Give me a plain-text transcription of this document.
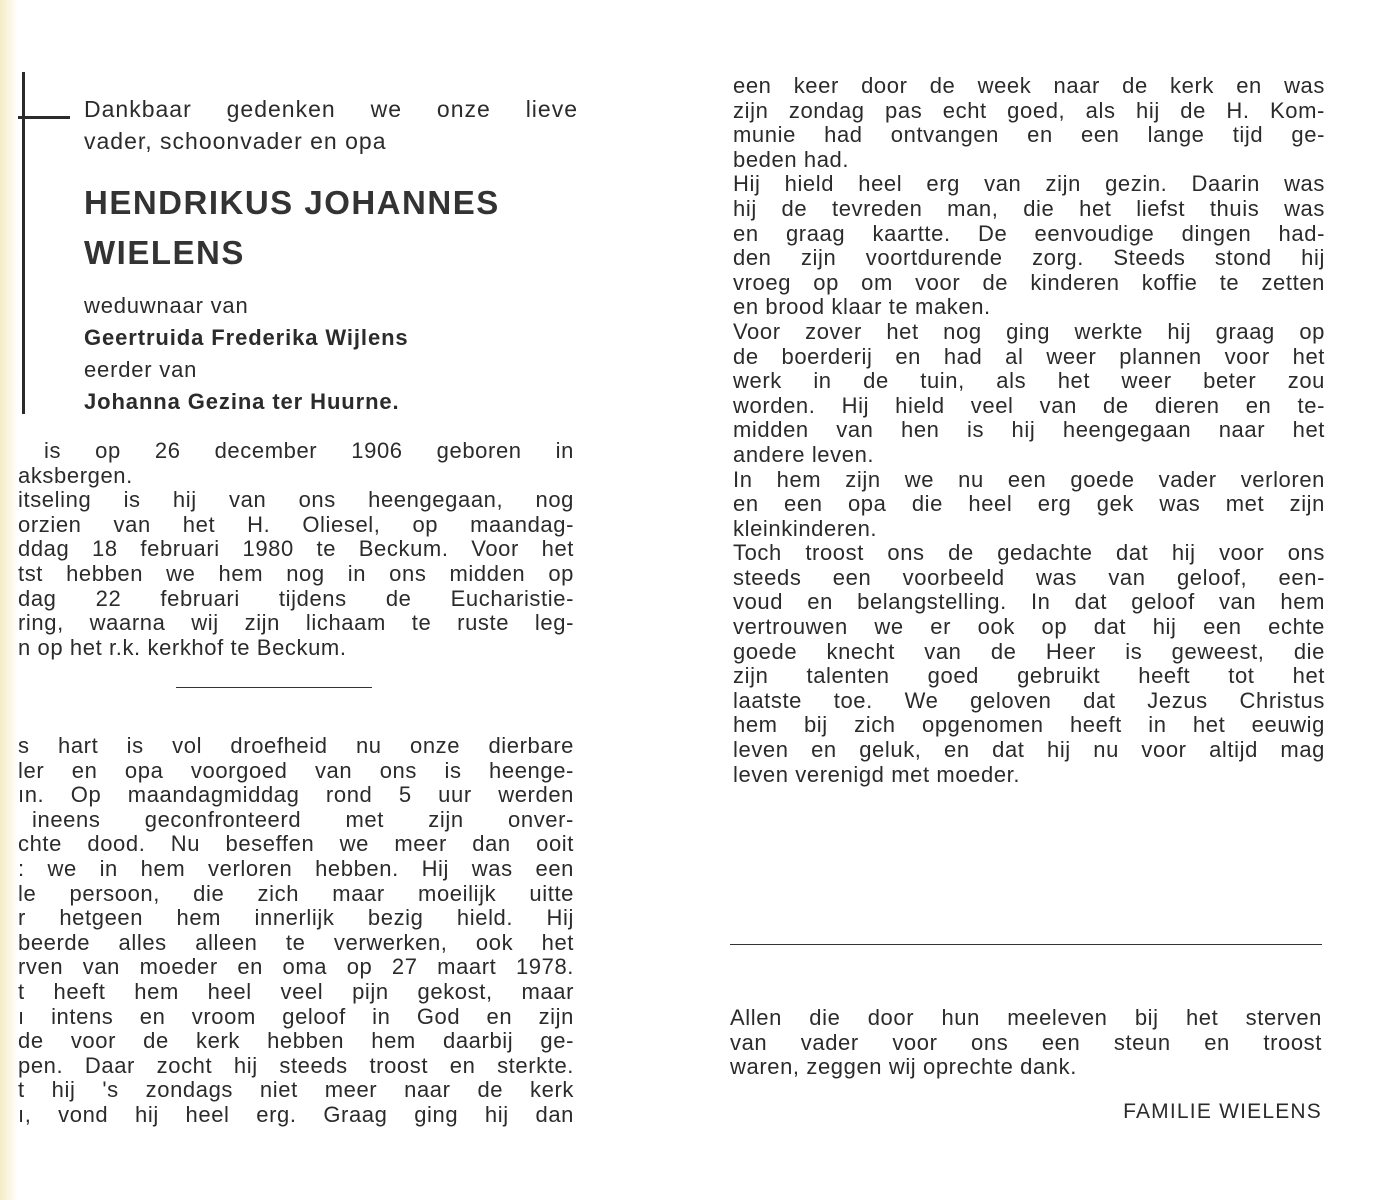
Dankbaar gedenken we onze lieve
vader, schoonvader en opa
HENDRIKUS JOHANNES
WIELENS
weduwnaar van
Geertruida Frederika Wijlens
eerder van
Johanna Gezina ter Huurne.
is op 26 december 1906 geboren in
aksbergen.
itseling is hij van ons heengegaan, nog
orzien van het H. Oliesel, op maandag-
ddag 18 februari 1980 te Beckum. Voor het
tst hebben we hem nog in ons midden op
dag 22 februari tijdens de Eucharistie-
ring, waarna wij zijn lichaam te ruste leg-
n op het r.k. kerkhof te Beckum.
s hart is vol droefheid nu onze dierbare
ler en opa voorgoed van ons is heenge-
ın. Op maandagmiddag rond 5 uur werden
ineens geconfronteerd met zijn onver-
chte dood. Nu beseffen we meer dan ooit
: we in hem verloren hebben. Hij was een
le persoon, die zich maar moeilijk uitte
r hetgeen hem innerlijk bezig hield. Hij
beerde alles alleen te verwerken, ook het
rven van moeder en oma op 27 maart 1978.
t heeft hem heel veel pijn gekost, maar
ı intens en vroom geloof in God en zijn
de voor de kerk hebben hem daarbij ge-
pen. Daar zocht hij steeds troost en sterkte.
t hij 's zondags niet meer naar de kerk
ı, vond hij heel erg. Graag ging hij dan
een keer door de week naar de kerk en was
zijn zondag pas echt goed, als hij de H. Kom-
munie had ontvangen en een lange tijd ge-
beden had.
Hij hield heel erg van zijn gezin. Daarin was
hij de tevreden man, die het liefst thuis was
en graag kaartte. De eenvoudige dingen had-
den zijn voortdurende zorg. Steeds stond hij
vroeg op om voor de kinderen koffie te zetten
en brood klaar te maken.
Voor zover het nog ging werkte hij graag op
de boerderij en had al weer plannen voor het
werk in de tuin, als het weer beter zou
worden. Hij hield veel van de dieren en te-
midden van hen is hij heengegaan naar het
andere leven.
In hem zijn we nu een goede vader verloren
en een opa die heel erg gek was met zijn
kleinkinderen.
Toch troost ons de gedachte dat hij voor ons
steeds een voorbeeld was van geloof, een-
voud en belangstelling. In dat geloof van hem
vertrouwen we er ook op dat hij een echte
goede knecht van de Heer is geweest, die
zijn talenten goed gebruikt heeft tot het
laatste toe. We geloven dat Jezus Christus
hem bij zich opgenomen heeft in het eeuwig
leven en geluk, en dat hij nu voor altijd mag
leven verenigd met moeder.
Allen die door hun meeleven bij het sterven
van vader voor ons een steun en troost
waren, zeggen wij oprechte dank.
FAMILIE WIELENS
